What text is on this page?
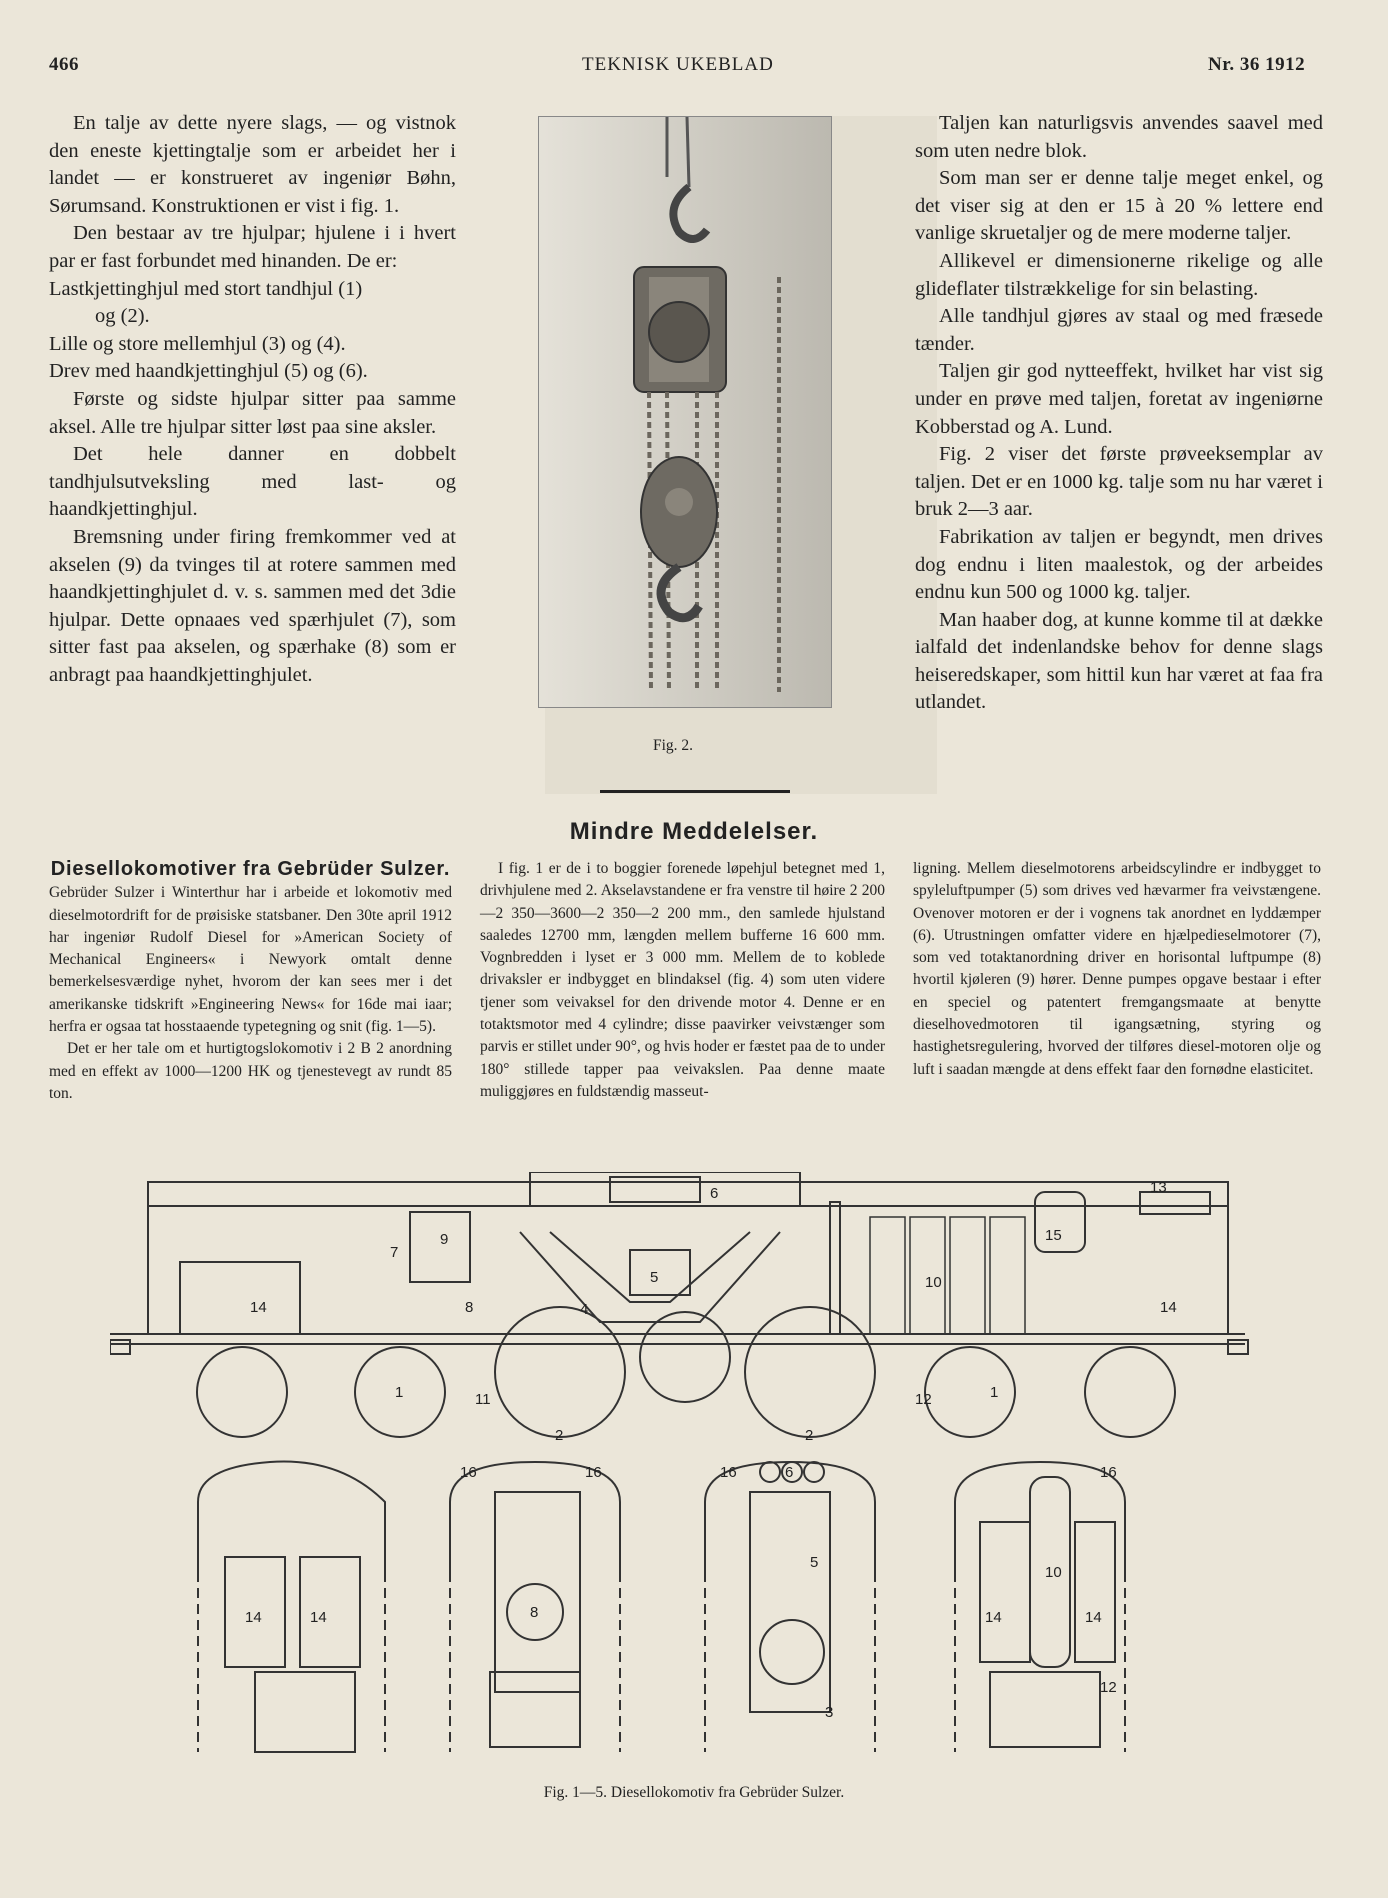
466	TEKNISK UKEBLAD	Nr. 36 1912

En talje av dette nyere slags, — og vistnok den eneste kjettingtalje som er arbeidet her i landet — er konstrueret av ingeniør Bøhn, Sørumsand. Konstruktionen er vist i fig. 1.

Den bestaar av tre hjulpar; hjulene i i hvert par er fast forbundet med hinanden. De er:

Lastkjettinghjul med stort tandhjul (1)

og (2).

Lille og store mellemhjul (3) og (4).

Drev med haandkjettinghjul (5) og (6).

Første og sidste hjulpar sitter paa samme aksel. Alle tre hjulpar sitter løst paa sine aksler.

Det hele danner en dobbelt tandhjulsutveksling med last- og haandkjettinghjul.

Bremsning under firing fremkommer ved at akselen (9) da tvinges til at rotere sammen med haandkjettinghjulet d. v. s. sammen med det 3die hjulpar. Dette opnaaes ved spærhjulet (7), som sitter fast paa akselen, og spærhake (8) som er anbragt paa haandkjettinghjulet.

Fig. 2.

Taljen kan naturligsvis anvendes saavel med som uten nedre blok.

Som man ser er denne talje meget enkel, og det viser sig at den er 15 à 20 % lettere end vanlige skruetaljer og de mere moderne taljer.

Allikevel er dimensionerne rikelige og alle glideflater tilstrækkelige for sin belasting.

Alle tandhjul gjøres av staal og med fræsede tænder.

Taljen gir god nytteeffekt, hvilket har vist sig under en prøve med taljen, foretat av ingeniørne Kobberstad og A. Lund.

Fig. 2 viser det første prøveeksemplar av taljen. Det er en 1000 kg. talje som nu har været i bruk 2—3 aar.

Fabrikation av taljen er begyndt, men drives dog endnu i liten maalestok, og der arbeides endnu kun 500 og 1000 kg. taljer.

Man haaber dog, at kunne komme til at dække ialfald det indenlandske behov for denne slags heiseredskaper, som hittil kun har været at faa fra utlandet.

Mindre Meddelelser.
Diesellokomotiver fra Gebrüder Sulzer.

Gebrüder Sulzer i Winterthur har i arbeide et lokomotiv med dieselmotordrift for de prøisiske statsbaner. Den 30te april 1912 har ingeniør Rudolf Diesel for »American Society of Mechanical Engineers« i Newyork omtalt denne bemerkelsesværdige nyhet, hvorom der kan sees mer i det amerikanske tidskrift »Engineering News« for 16de mai iaar; herfra er ogsaa tat hosstaaende typetegning og snit (fig. 1—5).

Det er her tale om et hurtigtogslokomotiv i 2 B 2 anordning med en effekt av 1000—1200 HK og tjenestevegt av rundt 85 ton.

I fig. 1 er de i to boggier forenede løpehjul betegnet med 1, drivhjulene med 2. Akselavstandene er fra venstre til høire 2 200—2 350—3600—2 350—2 200 mm., den samlede hjulstand saaledes 12700 mm, længden mellem bufferne 16 600 mm. Vognbredden i lyset er 3 000 mm. Mellem de to kobledе drivaksler er indbygget en blindaksel (fig. 4) som uten videre tjener som veivaksel for den drivende motor 4. Denne er en totaktsmotor med 4 cylindre; disse paavirker veivstænger som parvis er stillet under 90°, og hvis hoder er fæstet paa de to under 180° stillede tapper paa veivakslen. Paa denne maate muliggjøres en fuldstændig masseut-

ligning. Mellem dieselmotorens arbeidscylindre er indbygget to spyleluftpumper (5) som drives ved hævarmer fra veivstængene. Ovenover motoren er der i vognens tak anordnet en lyddæmper (6). Utrustningen omfatter videre en hjælpedieselmotorer (7), som ved totaktanordning driver en horisontal luftpumpe (8) hvortil kjøleren (9) hører. Denne pumpes opgave bestaar i efter en speciel og patentert fremgangsmaate at benytte dieselhovedmotoren til igangsætning, styring og hastighetsregulering, hvorved der tilføres diesel-motoren olje og luft i saadan mængde at dens effekt faar den fornødne elasticitet.

6	13
9	15
10
5
4
7
8
14	14
11	12
2	2
1	1
14
14
16	16	16	6	16
8
5
3
10
14	14
12
Fig. 1—5. Diesellokomotiv fra Gebrüder Sulzer.
